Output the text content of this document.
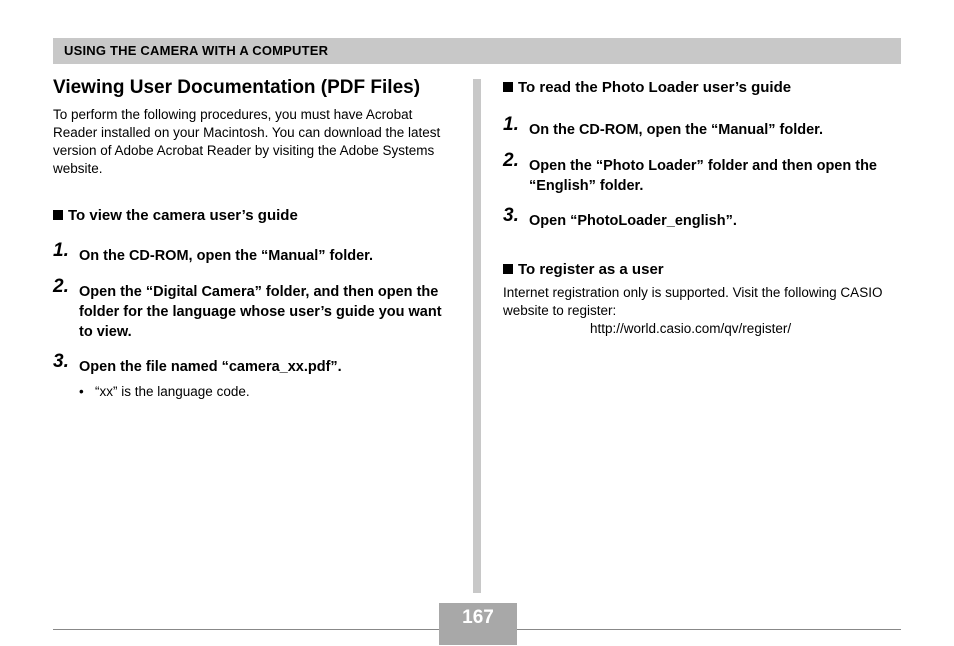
USING THE CAMERA WITH A COMPUTER
Viewing User Documentation (PDF Files)

To perform the following procedures, you must have Acrobat Reader installed on your Macintosh. You can download the latest version of Adobe Acrobat Reader by visiting the Adobe Systems website.

To view the camera user’s guide
1. On the CD-ROM, open the “Manual” folder.
2. Open the “Digital Camera” folder, and then open the folder for the language whose user’s guide you want to view.
3. Open the file named “camera_xx.pdf”.
• “xx” is the language code.
To read the Photo Loader user’s guide
1. On the CD-ROM, open the “Manual” folder.
2. Open the “Photo Loader” folder and then open the “English” folder.
3. Open “PhotoLoader_english”.
To register as a user

Internet registration only is supported. Visit the following CASIO website to register:

http://world.casio.com/qv/register/
167
